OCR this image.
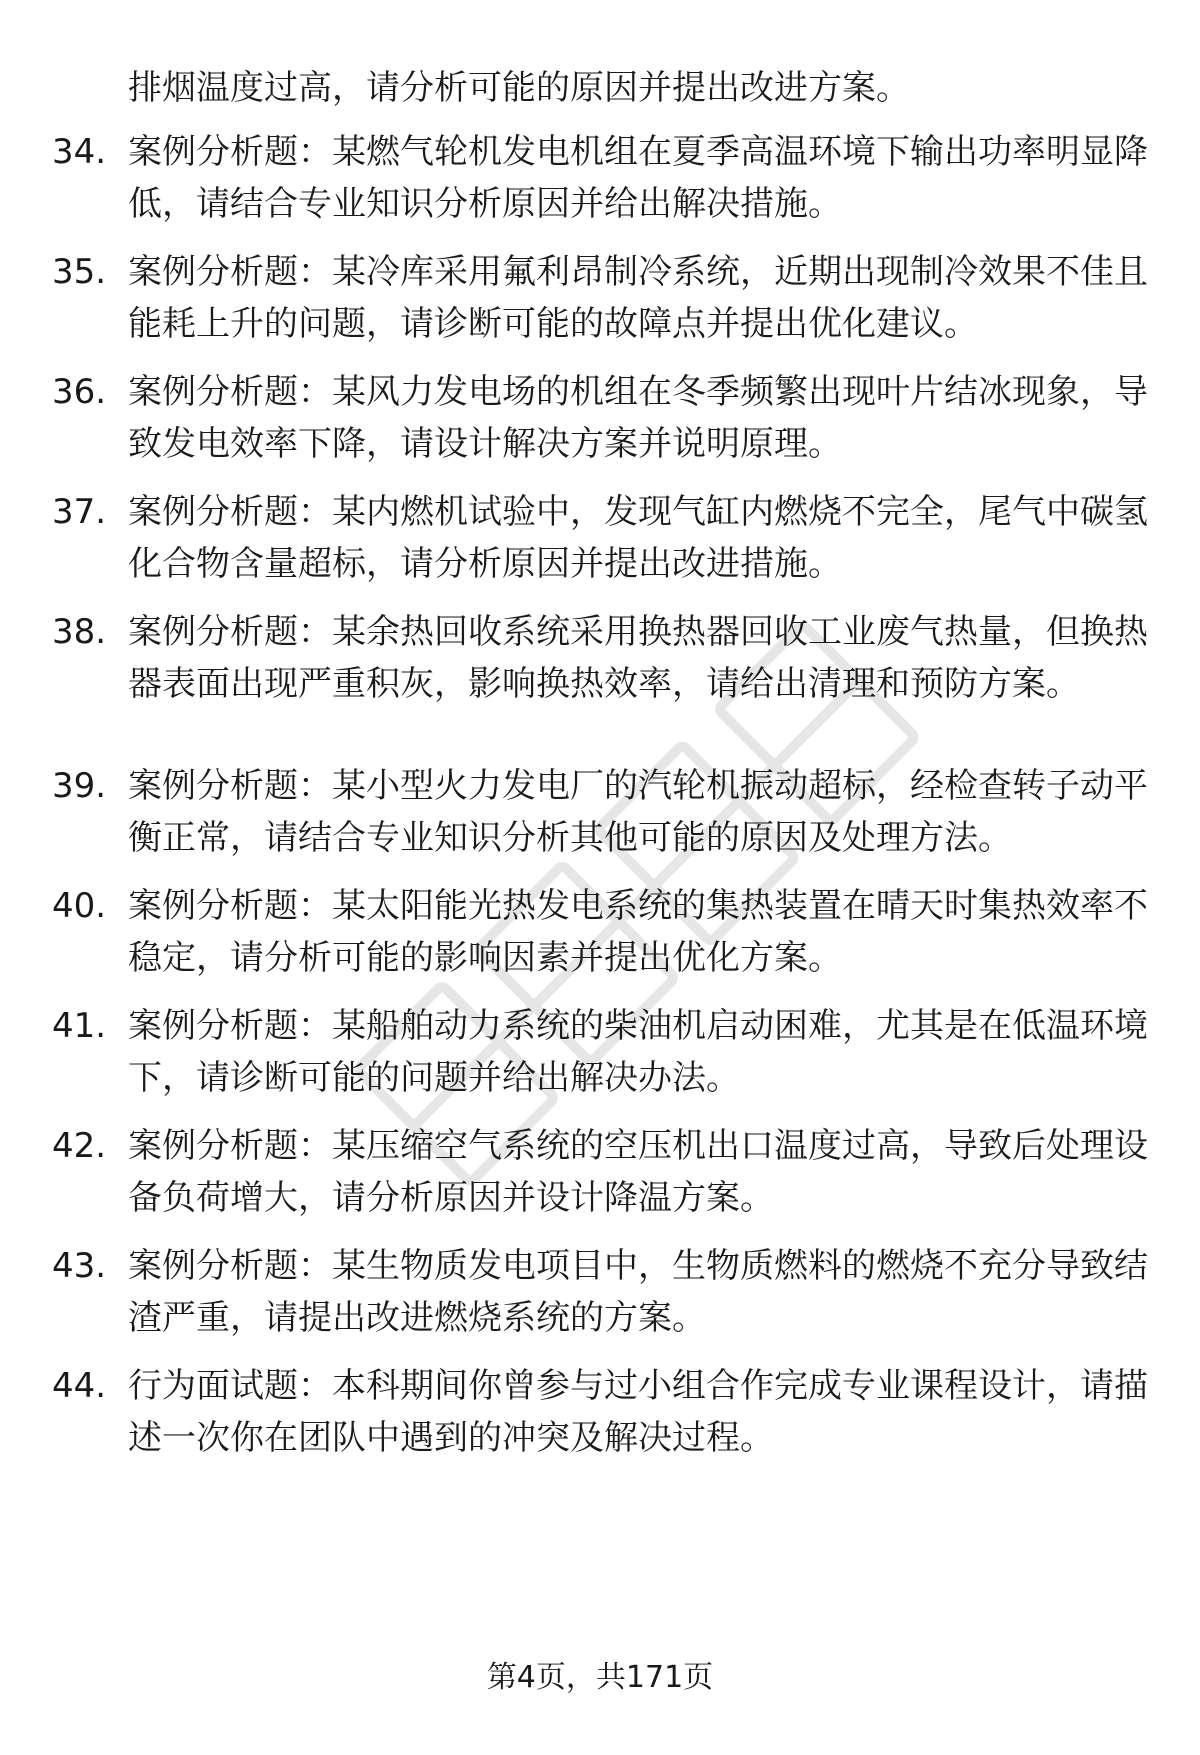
排烟温度过高，请分析可能的原因并提出改进方案。
34. 案例分析题：某燃气轮机发电机组在夏季高温环境下输出功率明显降低，请结合专业知识分析原因并给出解决措施。
35. 案例分析题：某冷库采用氟利昂制冷系统，近期出现制冷效果不佳且能耗上升的问题，请诊断可能的故障点并提出优化建议。
36. 案例分析题：某风力发电场的机组在冬季频繁出现叶片结冰现象，导致发电效率下降，请设计解决方案并说明原理。
37. 案例分析题：某内燃机试验中，发现气缸内燃烧不完全，尾气中碳氢化合物含量超标，请分析原因并提出改进措施。
38. 案例分析题：某余热回收系统采用换热器回收工业废气热量，但换热器表面出现严重积灰，影响换热效率，请给出清理和预防方案。
39. 案例分析题：某小型火力发电厂的汽轮机振动超标，经检查转子动平衡正常，请结合专业知识分析其他可能的原因及处理方法。
40. 案例分析题：某太阳能光热发电系统的集热装置在晴天时集热效率不稳定，请分析可能的影响因素并提出优化方案。
41. 案例分析题：某船舶动力系统的柴油机启动困难，尤其是在低温环境下，请诊断可能的问题并给出解决办法。
42. 案例分析题：某压缩空气系统的空压机出口温度过高，导致后处理设备负荷增大，请分析原因并设计降温方案。
43. 案例分析题：某生物质发电项目中，生物质燃料的燃烧不充分导致结渣严重，请提出改进燃烧系统的方案。
44. 行为面试题：本科期间你曾参与过小组合作完成专业课程设计，请描述一次你在团队中遇到的冲突及解决过程。
第4页，共171页
